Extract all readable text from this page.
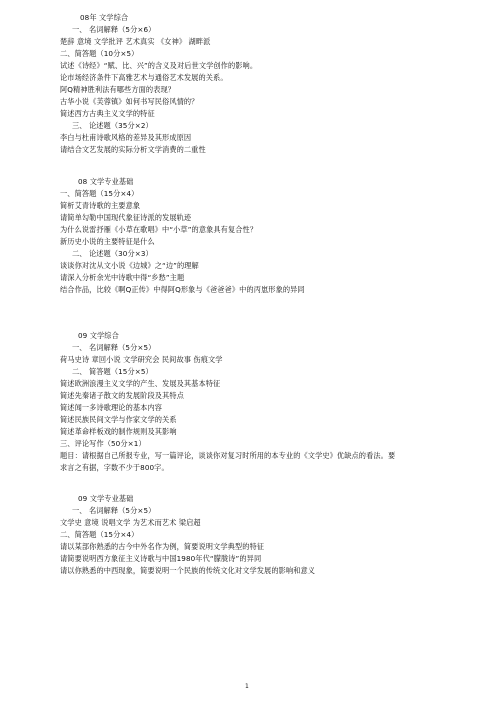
08年 文学综合
一、 名词解释（5分×6）
楚辞 意境 文学批评 艺术真实 《女神》 湖畔派
二、简答题（10分×5）
试述《诗经》“赋、比、兴”的含义及对后世文学创作的影响。
论市场经济条件下高雅艺术与通俗艺术发展的关系。
阿Q精神胜利法有哪些方面的表现？
古华小说《芙蓉镇》如何书写民俗风情的？
简述西方古典主义文学的特征
三、 论述题（35分×2）
李白与杜甫诗歌风格的差异及其形成原因
请结合文艺发展的实际分析文学消费的二重性
08 文学专业基础
一、简答题（15分×4）
简析艾青诗歌的主要意象
请简单勾勒中国现代象征诗派的发展轨迹
为什么说雷抒雁《小草在歌唱》中“小草”的意象具有复合性？
新历史小说的主要特征是什么
二、 论述题（30分×3）
谈谈你对沈从文小说《边城》之“边”的理解
请深入分析余光中诗歌中得“乡愁”主题
结合作品，比较《啊Q正传》中得阿Q形象与《爸爸爸》中的丙崽形象的异同
09 文学综合
一、 名词解释（5分×5）
荷马史诗 章回小说 文学研究会 民间故事 伤痕文学
二、 简答题（15分×5）
简述欧洲浪漫主义文学的产生、发展及其基本特征
简述先秦诸子散文的发展阶段及其特点
简述闻一多诗歌理论的基本内容
简述民族民间文学与作家文学的关系
简述革命样板戏的制作规则及其影响
三、评论写作（50分×1）
题目：请根据自己所报专业，写一篇评论，谈谈你对复习时所用的本专业的《文学史》优缺点的看法。要
求言之有据，字数不少于800字。
09 文学专业基础
一、 名词解释（5分×5）
文学史 意境 说唱文学 为艺术而艺术 梁启超
二、简答题（15分×4）
请以某部你熟悉的古今中外名作为例，简要说明文学典型的特征
请简要说明西方象征主义诗歌与中国1980年代“朦胧诗”的异同
请以你熟悉的中西现象，简要说明一个民族的传统文化对文学发展的影响和意义
1
